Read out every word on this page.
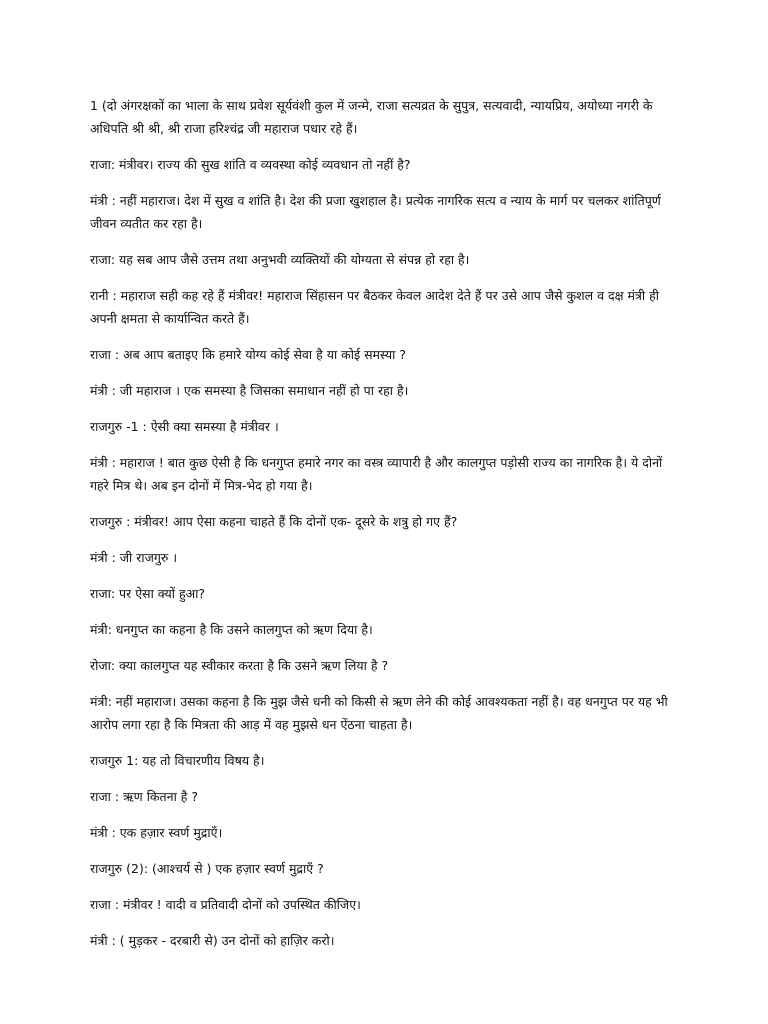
1 (दो अंगरक्षकों का भाला के साथ प्रवेश सूर्यवंशी कुल में जन्मे, राजा सत्यव्रत के सुपुत्र, सत्यवादी, न्यायप्रिय, अयोध्या नगरी के अधिपति श्री श्री, श्री राजा हरिश्चंद्र जी महाराज पधार रहे हैं।

राजा: मंत्रीवर। राज्य की सुख शांति व व्यवस्था कोई व्यवधान तो नहीं है?

मंत्री : नहीं महाराज। देश में सुख व शांति है। देश की प्रजा खुशहाल है। प्रत्येक नागरिक सत्य व न्याय के मार्ग पर चलकर शांतिपूर्ण जीवन व्यतीत कर रहा है।

राजा: यह सब आप जैसे उत्तम तथा अनुभवी व्यक्तियों की योग्यता से संपन्न हो रहा है।

रानी : महाराज सही कह रहे हैं मंत्रीवर! महाराज सिंहासन पर बैठकर केवल आदेश देते हैं पर उसे आप जैसे कुशल व दक्ष मंत्री ही अपनी क्षमता से कार्यान्वित करते हैं।

राजा : अब आप बताइए कि हमारे योग्य कोई सेवा है या कोई समस्या ?

मंत्री : जी महाराज । एक समस्या है जिसका समाधान नहीं हो पा रहा है।

राजगुरु -1 : ऐसी क्या समस्या है मंत्रीवर ।

मंत्री : महाराज ! बात कुछ ऐसी है कि धनगुप्त हमारे नगर का वस्त्र व्यापारी है और कालगुप्त पड़ोसी राज्य का नागरिक है। ये दोनों गहरे मित्र थे। अब इन दोनों में मित्र-भेद हो गया है।

राजगुरु : मंत्रीवर! आप ऐसा कहना चाहते हैं कि दोनों एक- दूसरे के शत्रु हो गए हैं?

मंत्री : जी राजगुरु ।

राजा: पर ऐसा क्यों हुआ?

मंत्री: धनगुप्त का कहना है कि उसने कालगुप्त को ऋण दिया है।

रोजा: क्या कालगुप्त यह स्वीकार करता है कि उसने ऋण लिया है ?

मंत्री: नहीं महाराज। उसका कहना है कि मुझ जैसे धनी को किसी से ऋण लेने की कोई आवश्यकता नहीं है। वह धनगुप्त पर यह भी आरोप लगा रहा है कि मित्रता की आड़ में वह मुझसे धन ऐंठना चाहता है।

राजगुरु 1: यह तो विचारणीय विषय है।

राजा : ऋण कितना है ?

मंत्री : एक हज़ार स्वर्ण मुद्राएँ।

राजगुरु (2): (आश्चर्य से ) एक हज़ार स्वर्ण मुद्राएँ ?

राजा : मंत्रीवर ! वादी व प्रतिवादी दोनों को उपस्थित कीजिए।

मंत्री : ( मुड़कर - दरबारी से) उन दोनों को हाज़िर करो।
